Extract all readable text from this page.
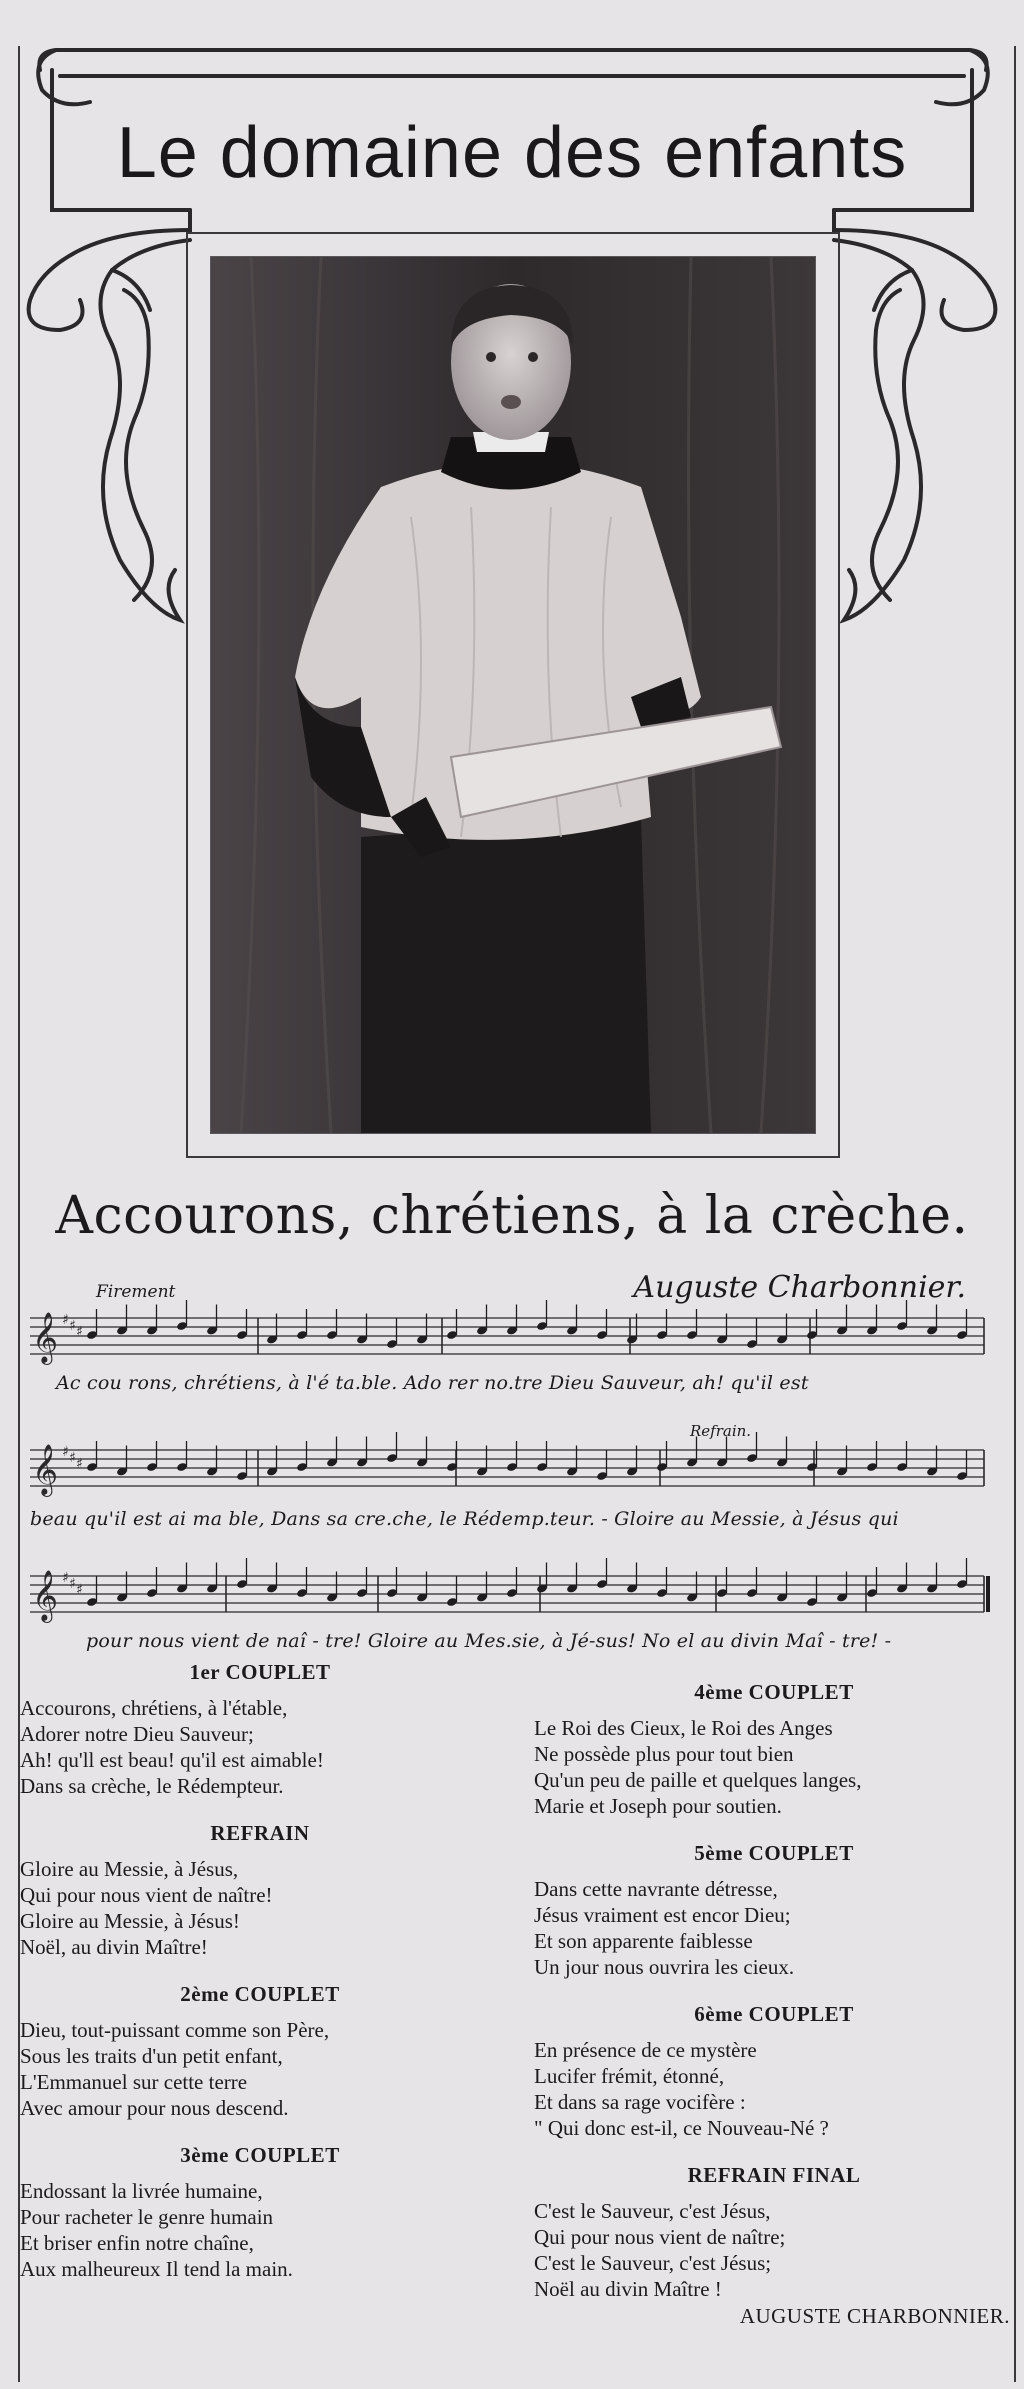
Le domaine des enfants
Accourons, chrétiens, à la crèche.
Firement	Auguste Charbonnier.
Refrain.
𝄞 ♯ ♯ ♯
𝄞 ♯ ♯ ♯
𝄞 ♯ ♯ ♯
Ac cou rons, chrétiens, à l'é ta.ble. Ado rer no.tre Dieu Sauveur, ah! qu'il est
beau qu'il est ai ma ble, Dans sa cre.che, le Rédemp.teur. - Gloire au Messie, à Jésus qui
pour nous vient de naî - tre! Gloire au Mes.sie, à Jé-sus! No el au divin Maî - tre! -
1er COUPLET
Accourons, chrétiens, à l'étable,
Adorer notre Dieu Sauveur;
Ah! qu'll est beau! qu'il est aimable!
Dans sa crèche, le Rédempteur.
REFRAIN
Gloire au Messie, à Jésus,
Qui pour nous vient de naître!
Gloire au Messie, à Jésus!
Noël, au divin Maître!
2ème COUPLET
Dieu, tout-puissant comme son Père,
Sous les traits d'un petit enfant,
L'Emmanuel sur cette terre
Avec amour pour nous descend.
3ème COUPLET
Endossant la livrée humaine,
Pour racheter le genre humain
Et briser enfin notre chaîne,
Aux malheureux Il tend la main.
4ème COUPLET
Le Roi des Cieux, le Roi des Anges
Ne possède plus pour tout bien
Qu'un peu de paille et quelques langes,
Marie et Joseph pour soutien.
5ème COUPLET
Dans cette navrante détresse,
Jésus vraiment est encor Dieu;
Et son apparente faiblesse
Un jour nous ouvrira les cieux.
6ème COUPLET
En présence de ce mystère
Lucifer frémit, étonné,
Et dans sa rage vocifère :
" Qui donc est-il, ce Nouveau-Né ?
REFRAIN FINAL
C'est le Sauveur, c'est Jésus,
Qui pour nous vient de naître;
C'est le Sauveur, c'est Jésus;
Noël au divin Maître !
AUGUSTE CHARBONNIER.
